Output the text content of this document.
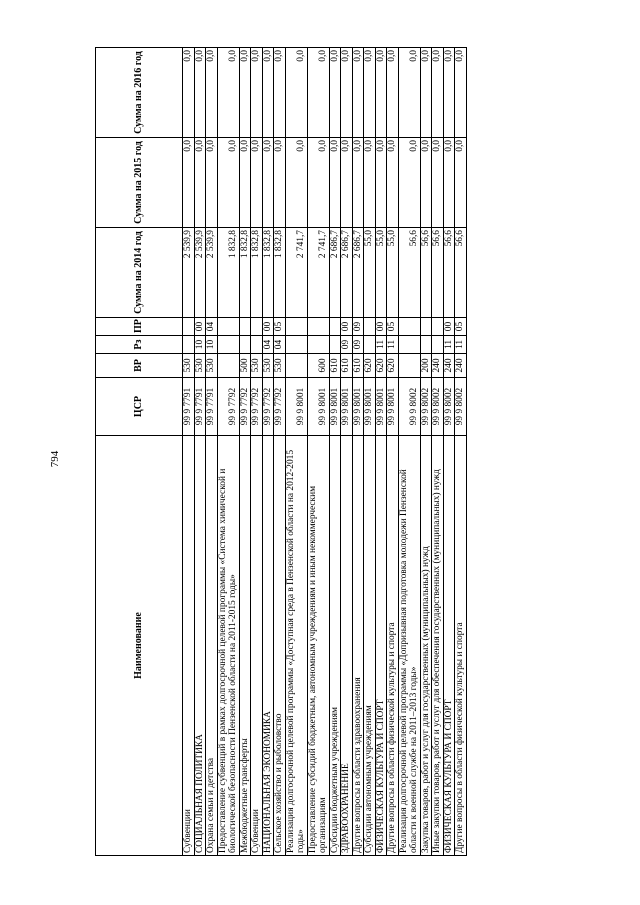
794
Наименование	ЦСР	ВР	Рз	ПР	Сумма на 2014 год	Сумма на 2015 год	Сумма на 2016 год
Субвенции	99 9 7791	530			2 539,9	0,0	0,0
СОЦИАЛЬНАЯ ПОЛИТИКА	99 9 7791	530	10	00	2 539,9	0,0	0,0
Охрана семьи и детства	99 9 7791	530	10	04	2 539,9	0,0	0,0
Предоставление субвенций в рамках долгосрочной целевой программы «Система химической и биологической безопасности Пензенской области на 2011-2015 годы»	99 9 7792				1 832,8	0,0	0,0
Межбюджетные трансферты	99 9 7792	500			1 832,8	0,0	0,0
Субвенции	99 9 7792	530			1 832,8	0,0	0,0
НАЦИОНАЛЬНАЯ ЭКОНОМИКА	99 9 7792	530	04	00	1 832,8	0,0	0,0
Сельское хозяйство и рыболовство	99 9 7792	530	04	05	1 832,8	0,0	0,0
Реализация долгосрочной целевой программы «Доступная среда в Пензенской области на 2012-2015 годы»	99 9 8001				2 741,7	0,0	0,0
Предоставление субсидий бюджетным, автономным учреждениям и иным некоммерческим организациям	99 9 8001	600			2 741,7	0,0	0,0
Субсидии бюджетным учреждениям	99 9 8001	610			2 686,7	0,0	0,0
ЗДРАВООХРАНЕНИЕ	99 9 8001	610	09	00	2 686,7	0,0	0,0
Другие вопросы в области здравоохранения	99 9 8001	610	09	09	2 686,7	0,0	0,0
Субсидии автономным учреждениям	99 9 8001	620			55,0	0,0	0,0
ФИЗИЧЕСКАЯ КУЛЬТУРА И СПОРТ	99 9 8001	620	11	00	55,0	0,0	0,0
Другие вопросы в области физической культуры и спорта	99 9 8001	620	11	05	55,0	0,0	0,0
Реализация долгосрочной целевой программы «Допризывная подготовка молодежи Пензенской области к военной службе на 2011–2013 годы»	99 9 8002				56,6	0,0	0,0
Закупка товаров, работ и услуг для государственных (муниципальных) нужд	99 9 8002	200			56,6	0,0	0,0
Иные закупки товаров, работ и услуг для обеспечения государственных (муниципальных) нужд	99 9 8002	240			56,6	0,0	0,0
ФИЗИЧЕСКАЯ КУЛЬТУРА И СПОРТ	99 9 8002	240	11	00	56,6	0,0	0,0
Другие вопросы в области физической культуры и спорта	99 9 8002	240	11	05	56,6	0,0	0,0
